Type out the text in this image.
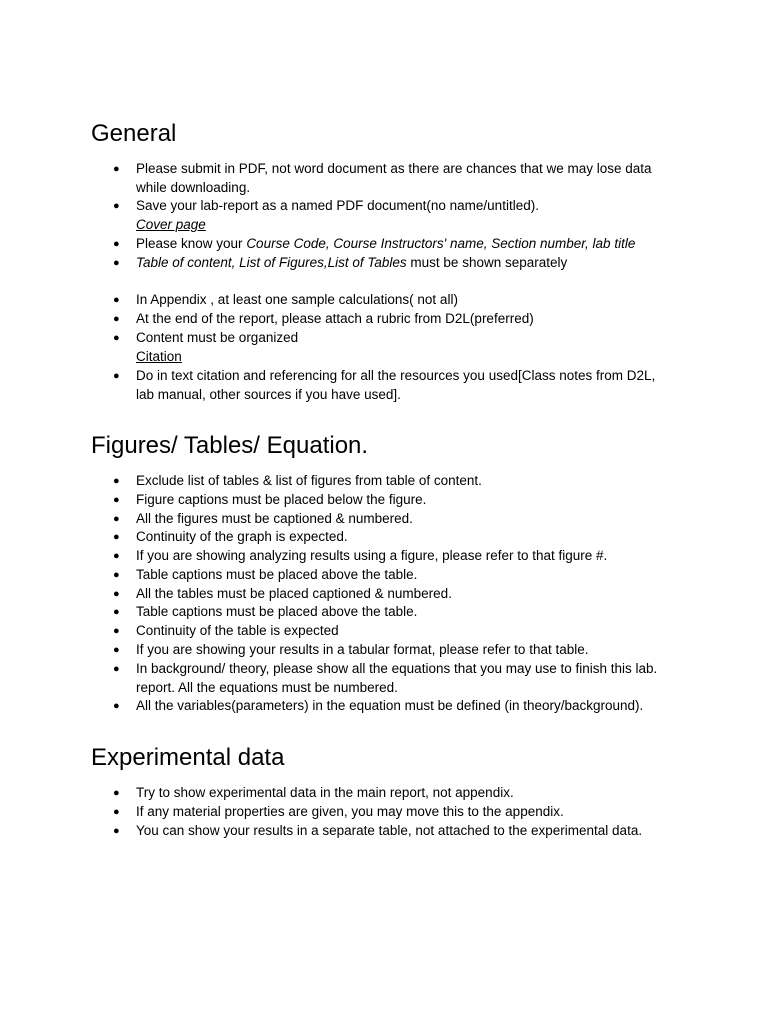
General
● Please submit in PDF, not word document as there are chances that we may lose data
while downloading.
● Save your lab-report as a named PDF document(no name/untitled).
Cover page
● Please know your Course Code, Course Instructors' name, Section number, lab title
● Table of content, List of Figures,List of Tables must be shown separately
● In Appendix , at least one sample calculations( not all)
● At the end of the report, please attach a rubric from D2L(preferred)
● Content must be organized
Citation
● Do in text citation and referencing for all the resources you used[Class notes from D2L,
lab manual, other sources if you have used].
Figures/ Tables/ Equation.
● Exclude list of tables & list of figures from table of content.
● Figure captions must be placed below the figure.
● All the figures must be captioned & numbered.
● Continuity of the graph is expected.
● If you are showing analyzing results using a figure, please refer to that figure #.
● Table captions must be placed above the table.
● All the tables must be placed captioned & numbered.
● Table captions must be placed above the table.
● Continuity of the table is expected
● If you are showing your results in a tabular format, please refer to that table.
● In background/ theory, please show all the equations that you may use to finish this lab.
report. All the equations must be numbered.
● All the variables(parameters) in the equation must be defined (in theory/background).
Experimental data
● Try to show experimental data in the main report, not appendix.
● If any material properties are given, you may move this to the appendix.
● You can show your results in a separate table, not attached to the experimental data.
